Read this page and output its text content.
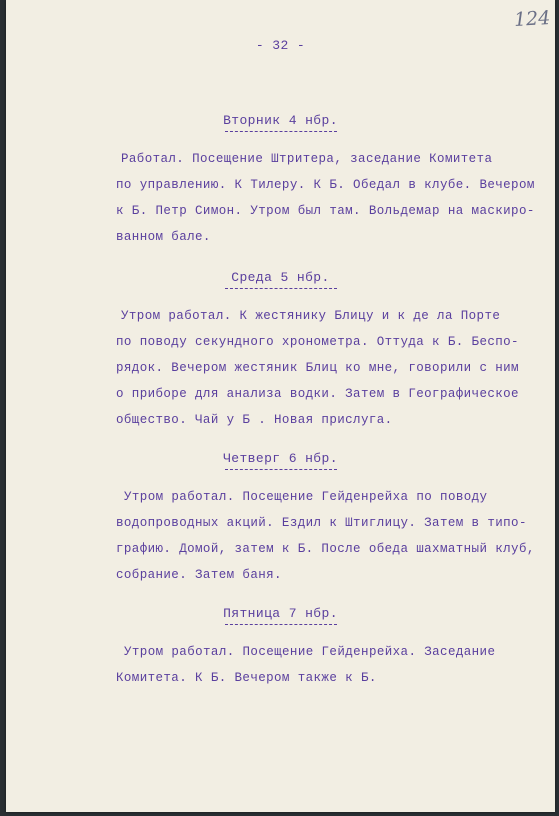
124
- 32 -
Вторник 4 нбр.
Работал. Посещение Штритера, заседание Комитета
по управлению. К Тилеру. К Б. Обедал в клубе. Вечером
к Б. Петр Симон. Утром был там. Вольдемар на маскиро-
ванном бале.
Среда 5 нбр.
Утром работал. К жестянику Блицу и к де ла Порте
по поводу секундного хронометра. Оттуда к Б. Беспо-
рядок. Вечером жестяник Блиц ко мне, говорили с ним
о приборе для анализа водки. Затем в Географическое
общество. Чай у Б . Новая прислуга.
Четверг 6 нбр.
Утром работал. Посещение Гейденрейха по поводу
водопроводных акций. Ездил к Штиглицу. Затем в типо-
графию. Домой, затем к Б. После обеда шахматный клуб,
собрание. Затем баня.
Пятница 7 нбр.
Утром работал. Посещение Гейденрейха. Заседание
Комитета. К Б. Вечером также к Б.
